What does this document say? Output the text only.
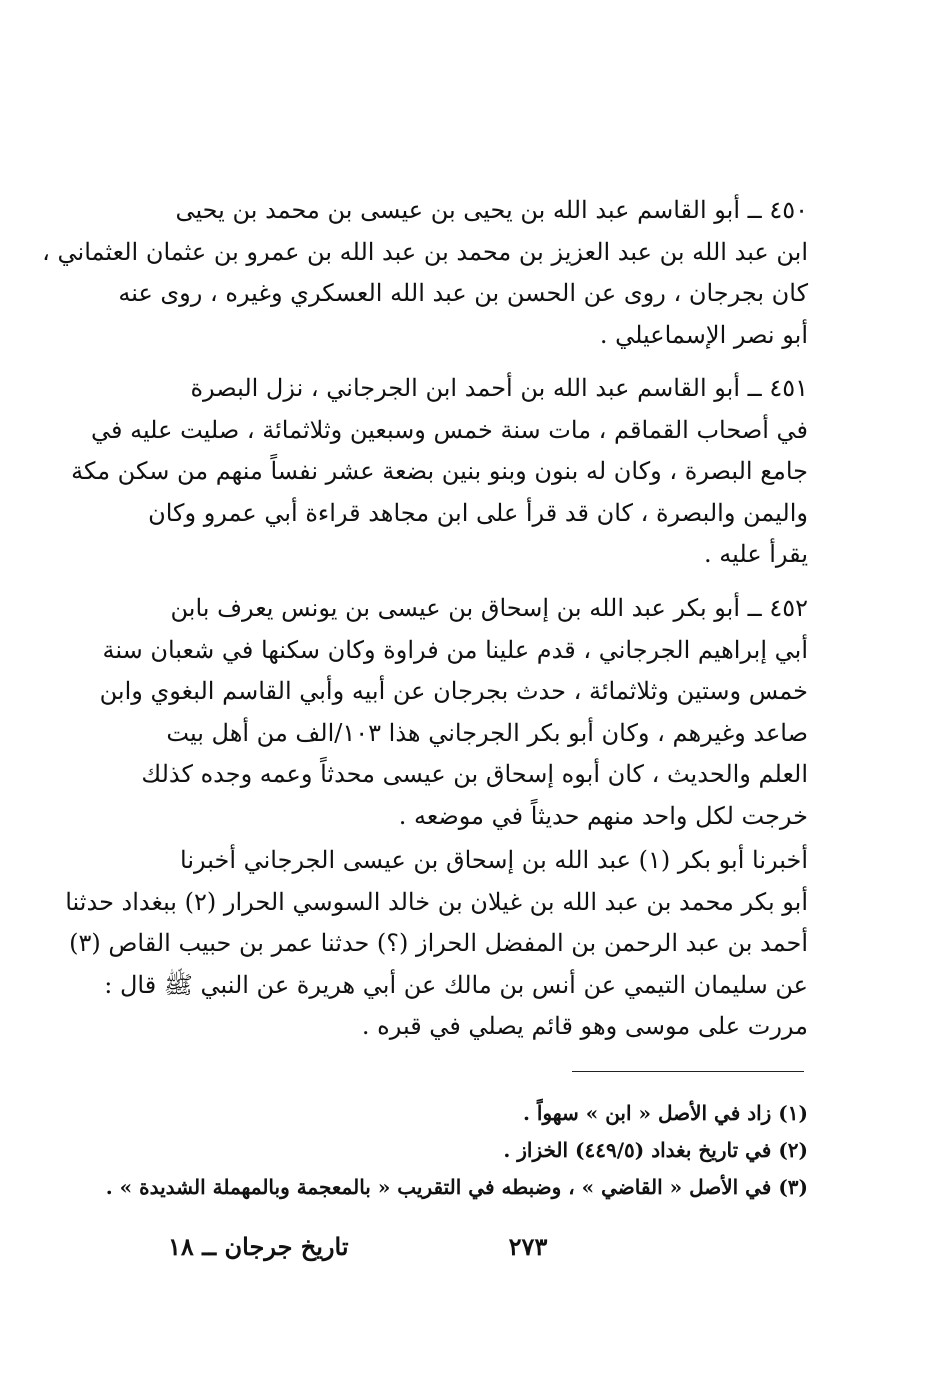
٤٥٠ ــ أبو القاسم عبد الله بن يحيى بن عيسى بن محمد بن يحيى
ابن عبد الله بن عبد العزيز بن محمد بن عبد الله بن عمرو بن عثمان العثماني ،
كان بجرجان ، روى عن الحسن بن عبد الله العسكري وغيره ، روى عنه
أبو نصر الإسماعيلي .

٤٥١ ــ أبو القاسم عبد الله بن أحمد ابن الجرجاني ، نزل البصرة
في أصحاب القماقم ، مات سنة خمس وسبعين وثلاثمائة ، صليت عليه في
جامع البصرة ، وكان له بنون وبنو بنين بضعة عشر نفساً منهم من سكن مكة
واليمن والبصرة ، كان قد قرأ على ابن مجاهد قراءة أبي عمرو وكان
يقرأ عليه .

٤٥٢ ــ أبو بكر عبد الله بن إسحاق بن عيسى بن يونس يعرف بابن
أبي إبراهيم الجرجاني ، قدم علينا من فراوة وكان سكنها في شعبان سنة
خمس وستين وثلاثمائة ، حدث بجرجان عن أبيه وأبي القاسم البغوي وابن
صاعد وغيرهم ، وكان أبو بكر الجرجاني هذا ١٠٣/الف من أهل بيت
العلم والحديث ، كان أبوه إسحاق بن عيسى محدثاً وعمه وجده كذلك
خرجت لكل واحد منهم حديثاً في موضعه .

أخبرنا أبو بكر (١) عبد الله بن إسحاق بن عيسى الجرجاني أخبرنا
أبو بكر محمد بن عبد الله بن غيلان بن خالد السوسي الحرار (٢) ببغداد حدثنا
أحمد بن عبد الرحمن بن المفضل الحراز (؟) حدثنا عمر بن حبيب القاص (٣)
عن سليمان التيمي عن أنس بن مالك عن أبي هريرة عن النبي ﷺ قال :
مررت على موسى وهو قائم يصلي في قبره .

(١) زاد في الأصل « ابن » سهواً .
(٢) في تاريخ بغداد (٤٤٩/٥) الخزاز .
(٣) في الأصل « القاضي » ، وضبطه في التقريب « بالمعجمة وبالمهملة الشديدة » .

٢٧٣
تاريخ جرجان ــ ١٨
